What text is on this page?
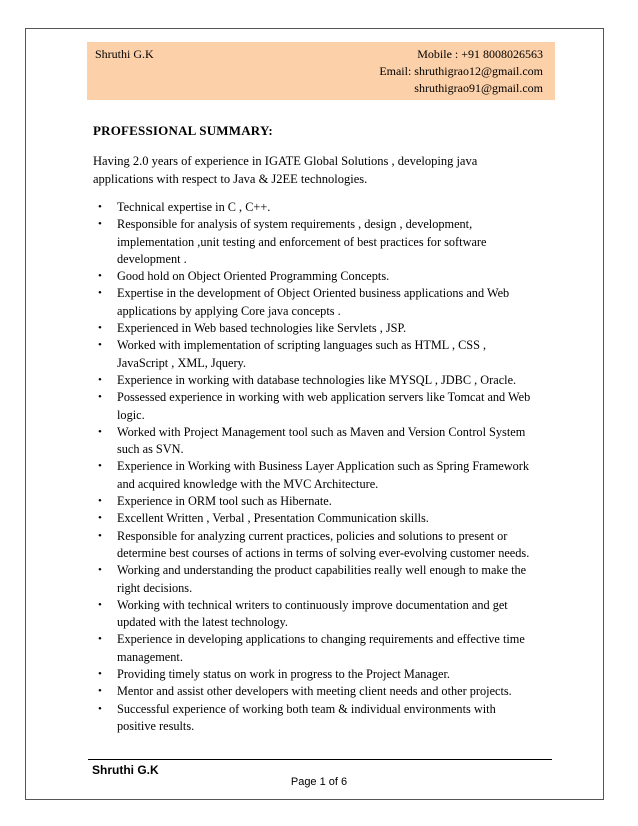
Shruthi G.K	Mobile : +91 8008026563
Email: shruthigrao12@gmail.com
shruthigrao91@gmail.com
PROFESSIONAL SUMMARY:
Having 2.0 years of experience in IGATE Global Solutions , developing java
applications with respect to Java & J2EE technologies.
• Technical expertise in C , C++.
• Responsible for analysis of system requirements , design , development,
implementation ,unit testing and enforcement of best practices for software
development .
• Good hold on Object Oriented Programming Concepts.
• Expertise in the development of Object Oriented business applications and Web
applications by applying Core java concepts .
• Experienced in Web based technologies like Servlets , JSP.
• Worked with implementation of scripting languages such as HTML , CSS ,
JavaScript , XML, Jquery.
• Experience in working with database technologies like MYSQL , JDBC , Oracle.
• Possessed experience in working with web application servers like Tomcat and Web
logic.
• Worked with Project Management tool such as Maven and Version Control System
such as SVN.
• Experience in Working with Business Layer Application such as Spring Framework
and acquired knowledge with the MVC Architecture.
• Experience in ORM tool such as Hibernate.
• Excellent Written , Verbal , Presentation Communication skills.
• Responsible for analyzing current practices, policies and solutions to present or
determine best courses of actions in terms of solving ever-evolving customer needs.
• Working and understanding the product capabilities really well enough to make the
right decisions.
• Working with technical writers to continuously improve documentation and get
updated with the latest technology.
• Experience in developing applications to changing requirements and effective time
management.
• Providing timely status on work in progress to the Project Manager.
• Mentor and assist other developers with meeting client needs and other projects.
• Successful experience of working both team & individual environments with
positive results.
Shruthi G.K
Page 1 of 6
